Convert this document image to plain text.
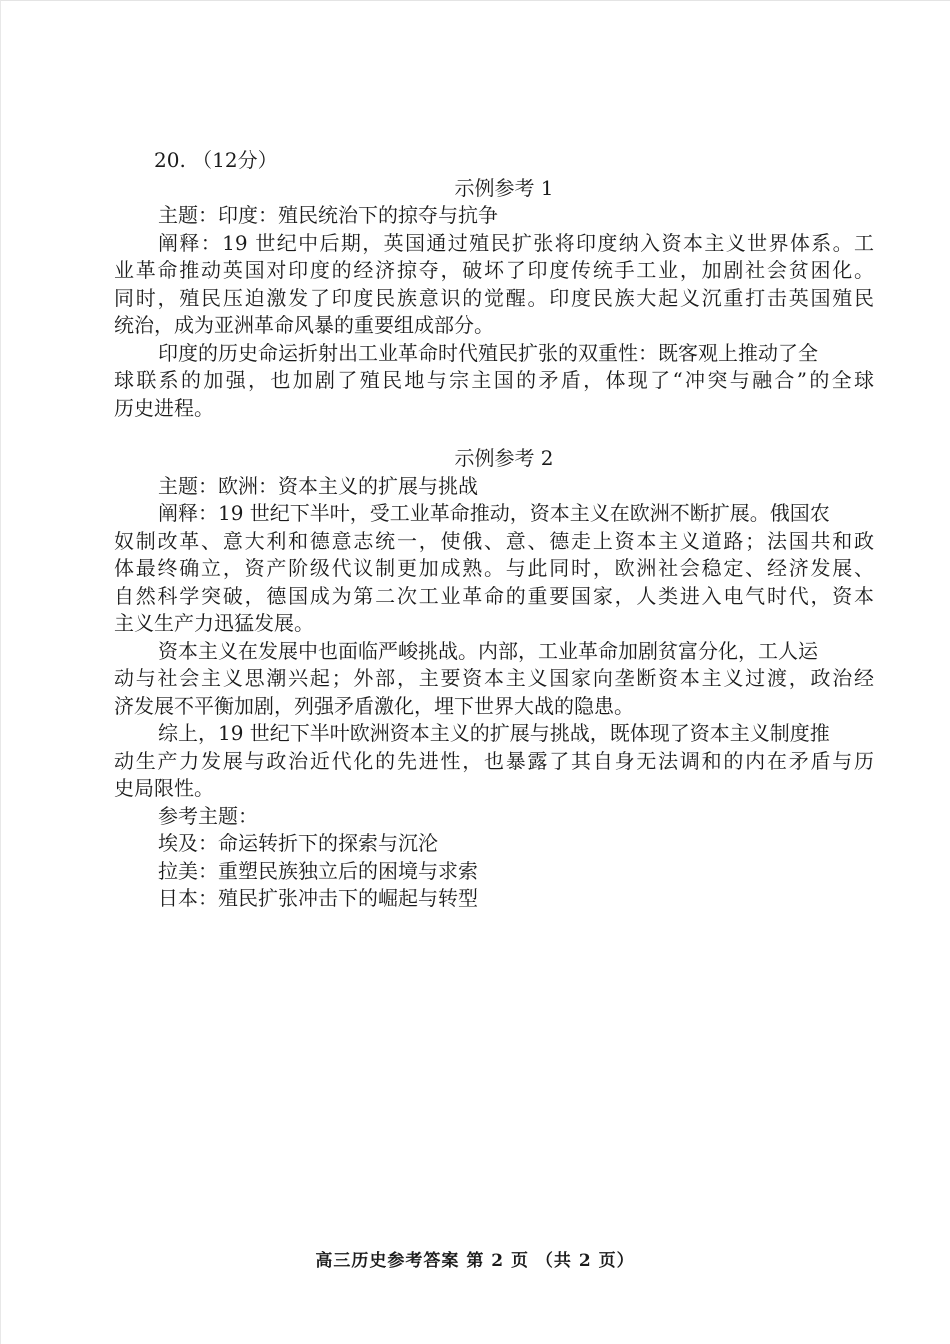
20. （12分）
示例参考 1
主题：印度：殖民统治下的掠夺与抗争
阐释：19 世纪中后期，英国通过殖民扩张将印度纳入资本主义世界体系。工
业革命推动英国对印度的经济掠夺，破坏了印度传统手工业，加剧社会贫困化。
同时，殖民压迫激发了印度民族意识的觉醒。印度民族大起义沉重打击英国殖民
统治，成为亚洲革命风暴的重要组成部分。
印度的历史命运折射出工业革命时代殖民扩张的双重性：既客观上推动了全
球联系的加强，也加剧了殖民地与宗主国的矛盾，体现了“冲突与融合”的全球
历史进程。
示例参考 2
主题：欧洲：资本主义的扩展与挑战
阐释：19 世纪下半叶，受工业革命推动，资本主义在欧洲不断扩展。俄国农
奴制改革、意大利和德意志统一，使俄、意、德走上资本主义道路；法国共和政
体最终确立，资产阶级代议制更加成熟。与此同时，欧洲社会稳定、经济发展、
自然科学突破，德国成为第二次工业革命的重要国家，人类进入电气时代，资本
主义生产力迅猛发展。
资本主义在发展中也面临严峻挑战。内部，工业革命加剧贫富分化，工人运
动与社会主义思潮兴起；外部，主要资本主义国家向垄断资本主义过渡，政治经
济发展不平衡加剧，列强矛盾激化，埋下世界大战的隐患。
综上，19 世纪下半叶欧洲资本主义的扩展与挑战，既体现了资本主义制度推
动生产力发展与政治近代化的先进性，也暴露了其自身无法调和的内在矛盾与历
史局限性。
参考主题：
埃及：命运转折下的探索与沉沦
拉美：重塑民族独立后的困境与求索
日本：殖民扩张冲击下的崛起与转型
高三历史参考答案 第 2 页 （共 2 页）
